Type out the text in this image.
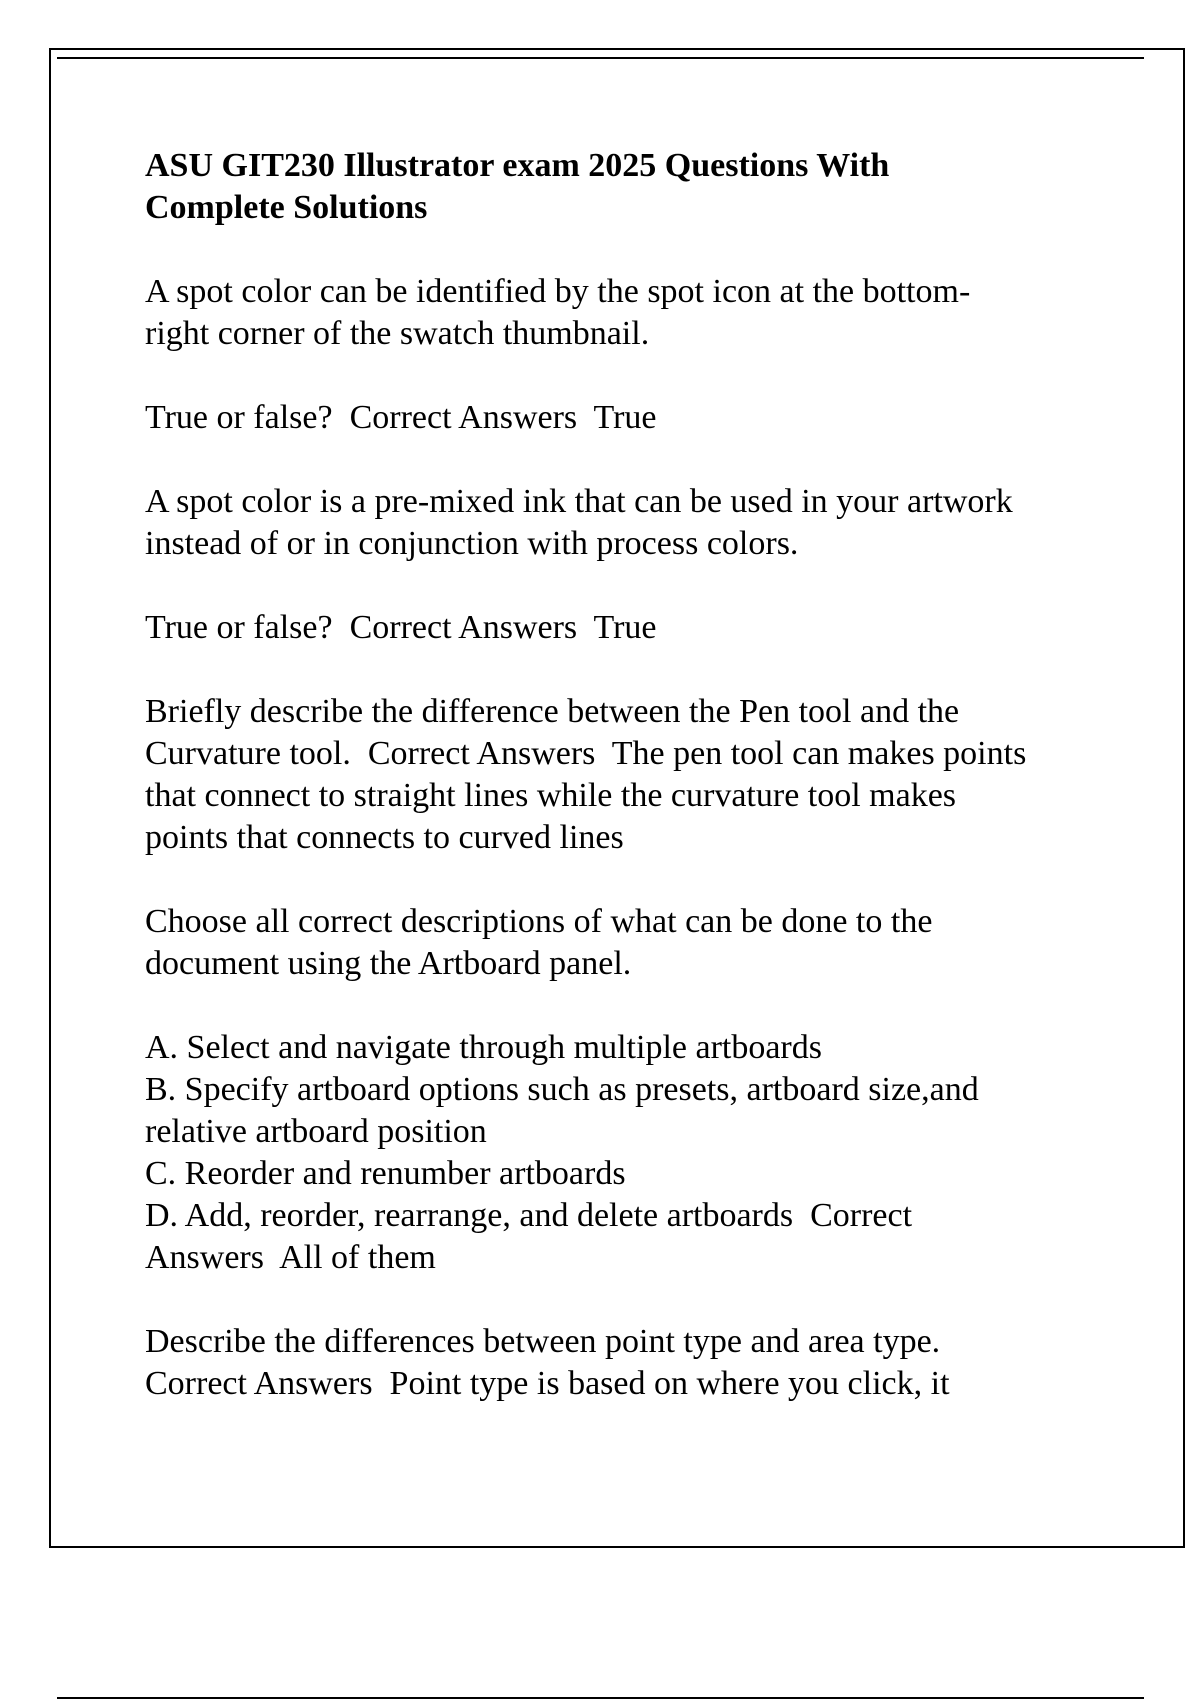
ASU GIT230 Illustrator exam 2025 Questions With
Complete Solutions

A spot color can be identified by the spot icon at the bottom-
right corner of the swatch thumbnail.

True or false?  Correct Answers  True

A spot color is a pre-mixed ink that can be used in your artwork
instead of or in conjunction with process colors.

True or false?  Correct Answers  True

Briefly describe the difference between the Pen tool and the
Curvature tool.  Correct Answers  The pen tool can makes points
that connect to straight lines while the curvature tool makes
points that connects to curved lines

Choose all correct descriptions of what can be done to the
document using the Artboard panel.

A. Select and navigate through multiple artboards
B. Specify artboard options such as presets, artboard size,and
relative artboard position
C. Reorder and renumber artboards
D. Add, reorder, rearrange, and delete artboards  Correct
Answers  All of them

Describe the differences between point type and area type.
Correct Answers  Point type is based on where you click, it
